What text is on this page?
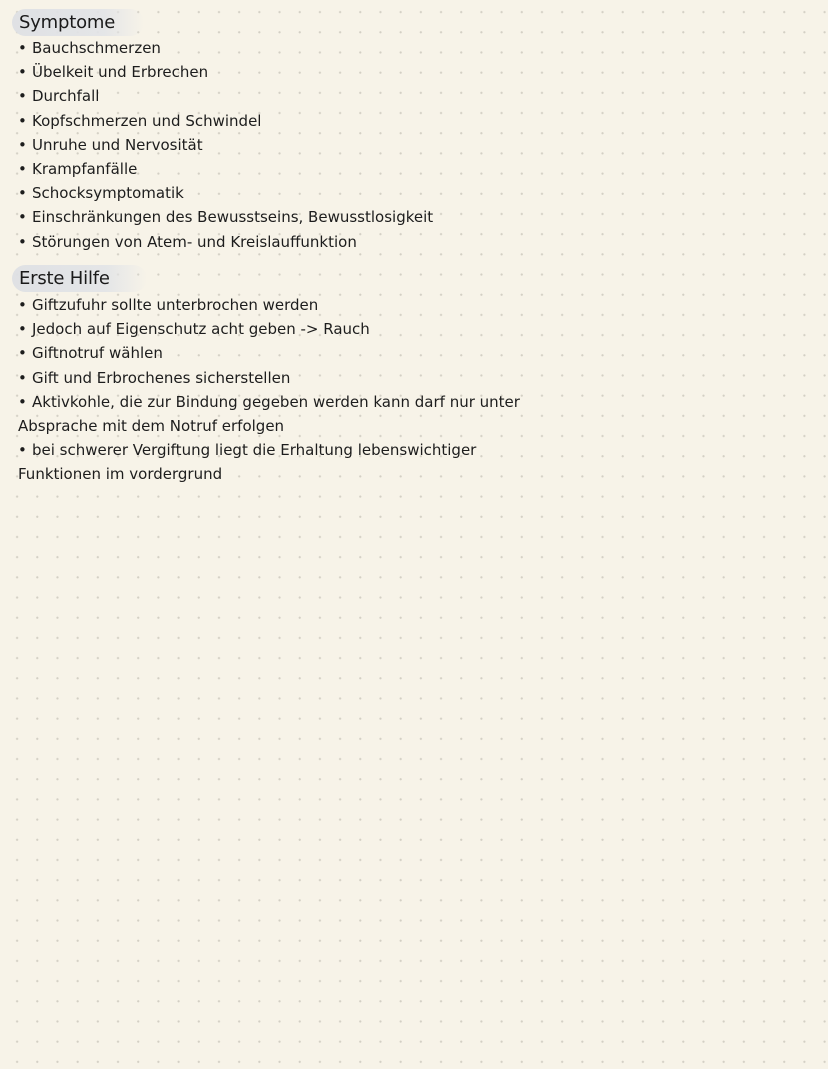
Symptome
• Bauchschmerzen
• Übelkeit und Erbrechen
• Durchfall
• Kopfschmerzen und Schwindel
• Unruhe und Nervosität
• Krampfanfälle
• Schocksymptomatik
• Einschränkungen des Bewusstseins, Bewusstlosigkeit
• Störungen von Atem- und Kreislauffunktion
Erste Hilfe
• Giftzufuhr sollte unterbrochen werden
• Jedoch auf Eigenschutz acht geben -> Rauch
• Giftnotruf wählen
• Gift und Erbrochenes sicherstellen
• Aktivkohle, die zur Bindung gegeben werden kann darf nur unter
Absprache mit dem Notruf erfolgen
• bei schwerer Vergiftung liegt die Erhaltung lebenswichtiger
Funktionen im vordergrund
